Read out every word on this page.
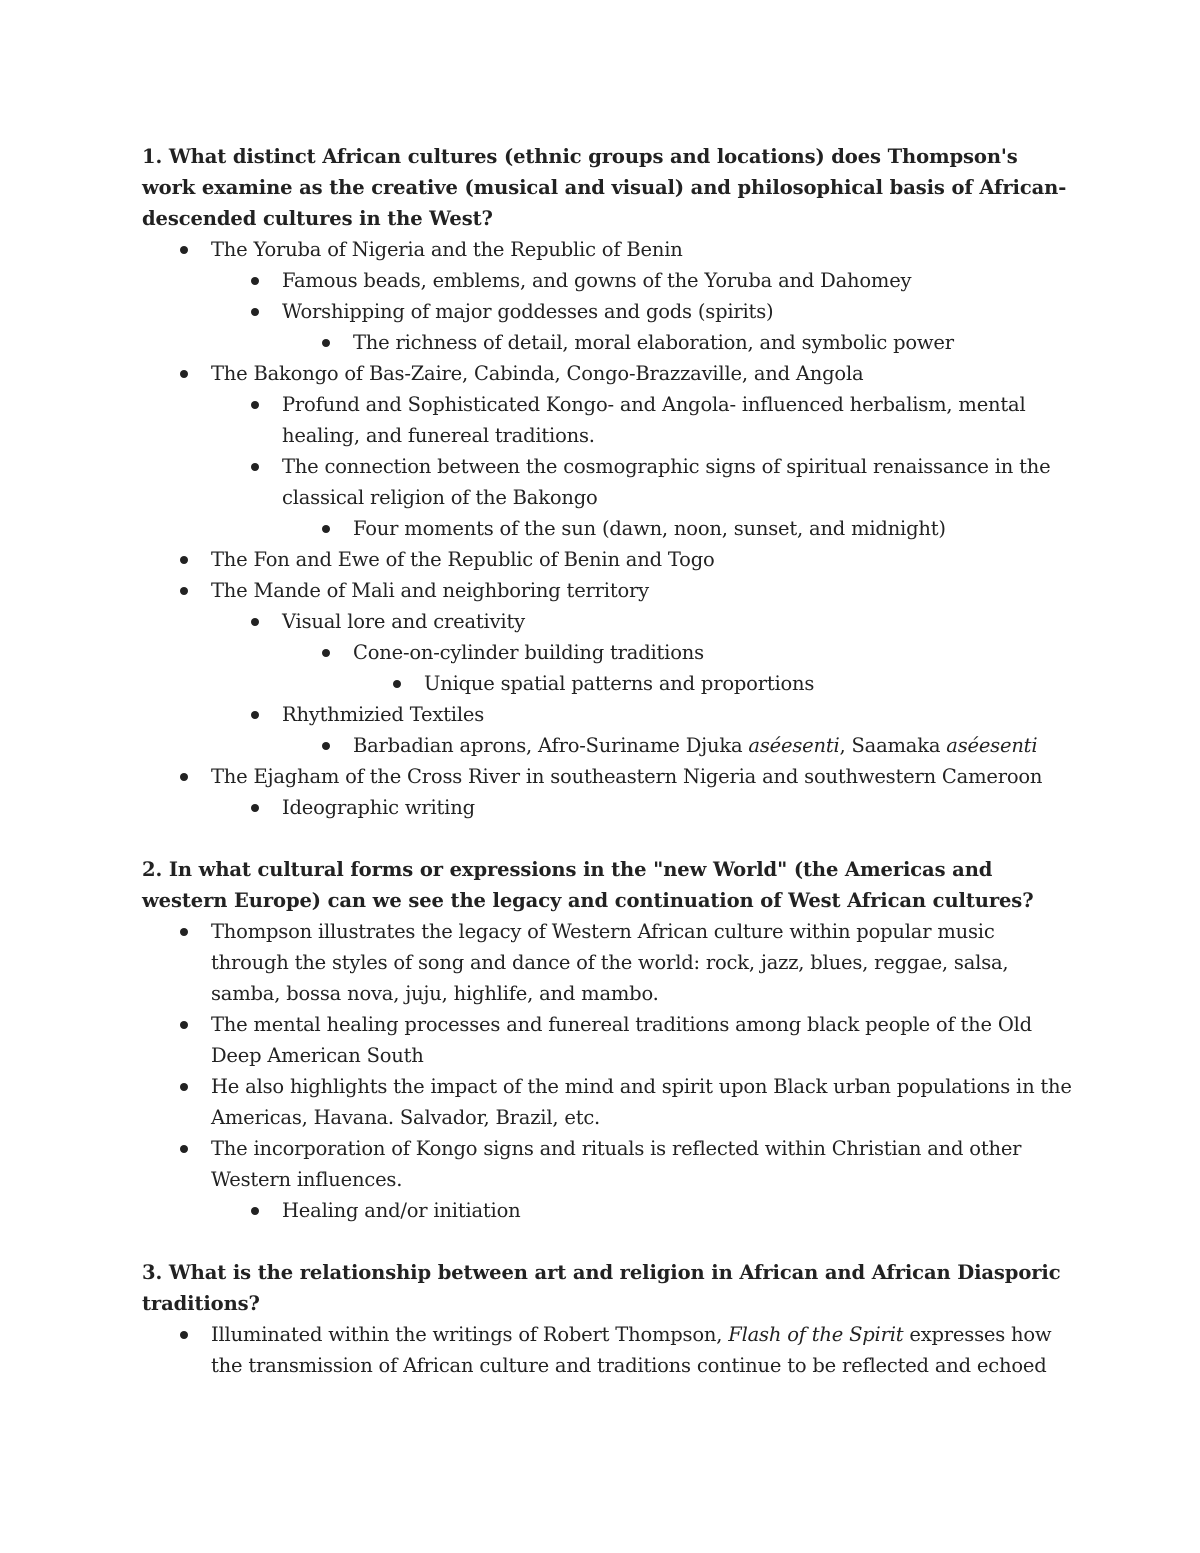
1. What distinct African cultures (ethnic groups and locations) does Thompson's work examine as the creative (musical and visual) and philosophical basis of African-descended cultures in the West?

The Yoruba of Nigeria and the Republic of Benin
Famous beads, emblems, and gowns of the Yoruba and Dahomey
Worshipping of major goddesses and gods (spirits)
The richness of detail, moral elaboration, and symbolic power
The Bakongo of Bas-Zaire, Cabinda, Congo-Brazzaville, and Angola
Profund and Sophisticated Kongo- and Angola- influenced herbalism, mental healing, and funereal traditions.
The connection between the cosmographic signs of spiritual renaissance in the classical religion of the Bakongo
Four moments of the sun (dawn, noon, sunset, and midnight)
The Fon and Ewe of the Republic of Benin and Togo
The Mande of Mali and neighboring territory
Visual lore and creativity
Cone-on-cylinder building traditions
Unique spatial patterns and proportions
Rhythmizied Textiles
Barbadian aprons, Afro-Suriname Djuka aséesenti, Saamaka aséesenti
The Ejagham of the Cross River in southeastern Nigeria and southwestern Cameroon
Ideographic writing

2. In what cultural forms or expressions in the "new World" (the Americas and western Europe) can we see the legacy and continuation of West African cultures?

Thompson illustrates the legacy of Western African culture within popular music through the styles of song and dance of the world: rock, jazz, blues, reggae, salsa, samba, bossa nova, juju, highlife, and mambo.
The mental healing processes and funereal traditions among black people of the Old Deep American South
He also highlights the impact of the mind and spirit upon Black urban populations in the Americas, Havana. Salvador, Brazil, etc.
The incorporation of Kongo signs and rituals is reflected within Christian and other Western influences.
Healing and/or initiation

3. What is the relationship between art and religion in African and African Diasporic traditions?

Illuminated within the writings of Robert Thompson, Flash of the Spirit expresses how the transmission of African culture and traditions continue to be reflected and echoed
